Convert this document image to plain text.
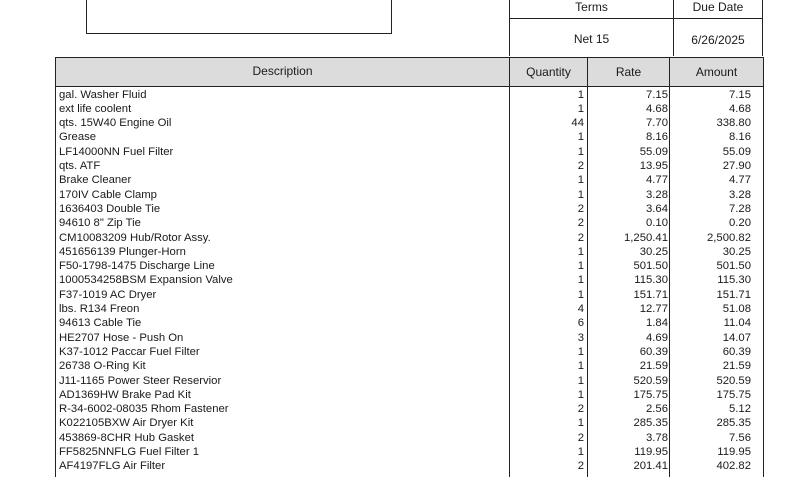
Terms	Due Date
Net 15	6/26/2025
Description	Quantity	Rate	Amount
gal. Washer Fluid	1	7.15	7.15
ext life coolent	1	4.68	4.68
qts. 15W40 Engine Oil	44	7.70	338.80
Grease	1	8.16	8.16
LF14000NN Fuel Filter	1	55.09	55.09
qts. ATF	2	13.95	27.90
Brake Cleaner	1	4.77	4.77
170IV Cable Clamp	1	3.28	3.28
1636403 Double Tie	2	3.64	7.28
94610 8" Zip Tie	2	0.10	0.20
CM10083209 Hub/Rotor Assy.	2	1,250.41	2,500.82
451656139 Plunger-Horn	1	30.25	30.25
F50-1798-1475 Discharge Line	1	501.50	501.50
1000534258BSM Expansion Valve	1	115.30	115.30
F37-1019 AC Dryer	1	151.71	151.71
lbs. R134 Freon	4	12.77	51.08
94613 Cable Tie	6	1.84	11.04
HE2707 Hose - Push On	3	4.69	14.07
K37-1012 Paccar Fuel Filter	1	60.39	60.39
26738 O-Ring Kit	1	21.59	21.59
J11-1165 Power Steer Reservior	1	520.59	520.59
AD1369HW Brake Pad Kit	1	175.75	175.75
R-34-6002-08035 Rhom Fastener	2	2.56	5.12
K022105BXW Air Dryer Kit	1	285.35	285.35
453869-8CHR Hub Gasket	2	3.78	7.56
FF5825NNFLG Fuel Filter 1	1	119.95	119.95
AF4197FLG Air Filter	2	201.41	402.82
